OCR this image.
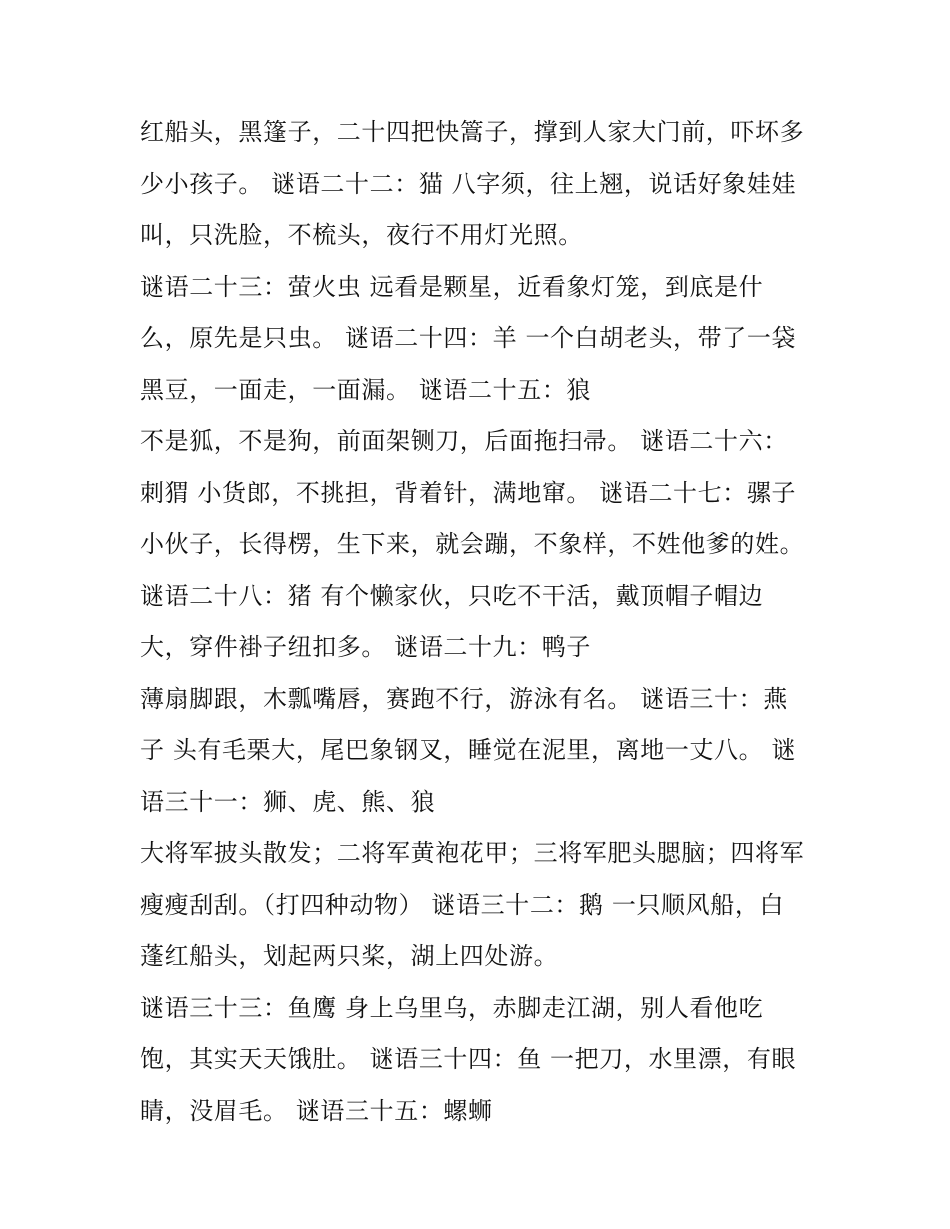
红船头，黑篷子，二十四把快篙子，撑到人家大门前，吓坏多
少小孩子。 谜语二十二：猫 八字须，往上翘，说话好象娃娃
叫，只洗脸，不梳头，夜行不用灯光照。
谜语二十三：萤火虫 远看是颗星，近看象灯笼，到底是什
么，原先是只虫。 谜语二十四：羊 一个白胡老头，带了一袋
黑豆，一面走，一面漏。 谜语二十五：狼
不是狐，不是狗，前面架铡刀，后面拖扫帚。 谜语二十六：
刺猬 小货郎，不挑担，背着针，满地窜。 谜语二十七：骡子
小伙子，长得楞，生下来，就会蹦，不象样，不姓他爹的姓。
谜语二十八：猪 有个懒家伙，只吃不干活，戴顶帽子帽边
大，穿件褂子纽扣多。 谜语二十九：鸭子
薄扇脚跟，木瓢嘴唇，赛跑不行，游泳有名。 谜语三十：燕
子 头有毛栗大，尾巴象钢叉，睡觉在泥里，离地一丈八。 谜
语三十一：狮、虎、熊、狼
大将军披头散发；二将军黄袍花甲；三将军肥头腮脑；四将军
瘦瘦刮刮。（打四种动物） 谜语三十二：鹅 一只顺风船，白
蓬红船头，划起两只桨，湖上四处游。
谜语三十三：鱼鹰 身上乌里乌，赤脚走江湖，别人看他吃
饱，其实天天饿肚。 谜语三十四：鱼 一把刀，水里漂，有眼
睛，没眉毛。 谜语三十五：螺蛳
